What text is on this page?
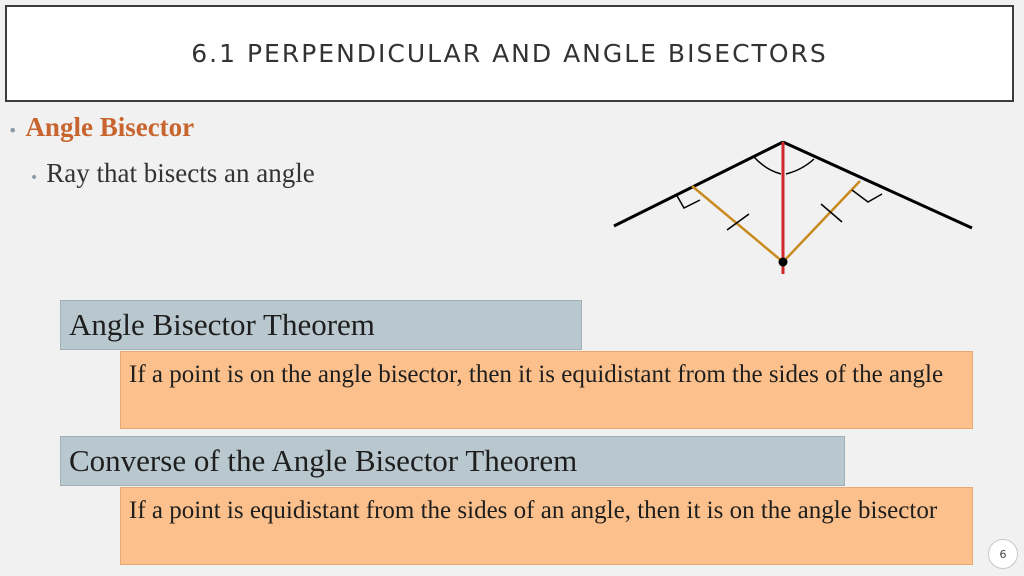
6.1 PERPENDICULAR AND ANGLE BISECTORS
• Angle Bisector
• Ray that bisects an angle
Angle Bisector Theorem
If a point is on the angle bisector, then it is equidistant from the sides of the angle
Converse of the Angle Bisector Theorem
If a point is equidistant from the sides of an angle, then it is on the angle bisector
6
